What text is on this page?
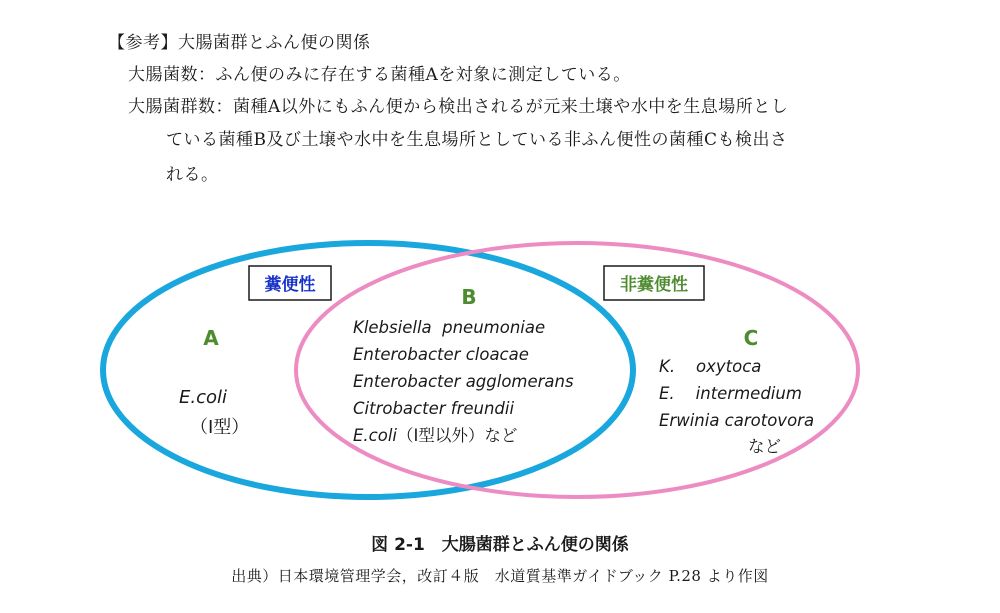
【参考】大腸菌群とふん便の関係
大腸菌数：ふん便のみに存在する菌種Aを対象に測定している。
大腸菌群数：菌種A以外にもふん便から検出されるが元来土壌や水中を生息場所とし
ている菌種B及び土壌や水中を生息場所としている非ふん便性の菌種Cも検出さ
れる。
糞便性	非糞便性
A
E.coli
（Ⅰ型）
B
Klebsiella  pneumoniae
Enterobacter cloacae
Enterobacter agglomerans
Citrobacter freundii
E.coli（Ⅰ型以外）など
C
K.    oxytoca
E.    intermedium
Erwinia carotovora
など
図 2-1　大腸菌群とふん便の関係
出典）日本環境管理学会，改訂４版　水道質基準ガイドブック P.28 より作図
